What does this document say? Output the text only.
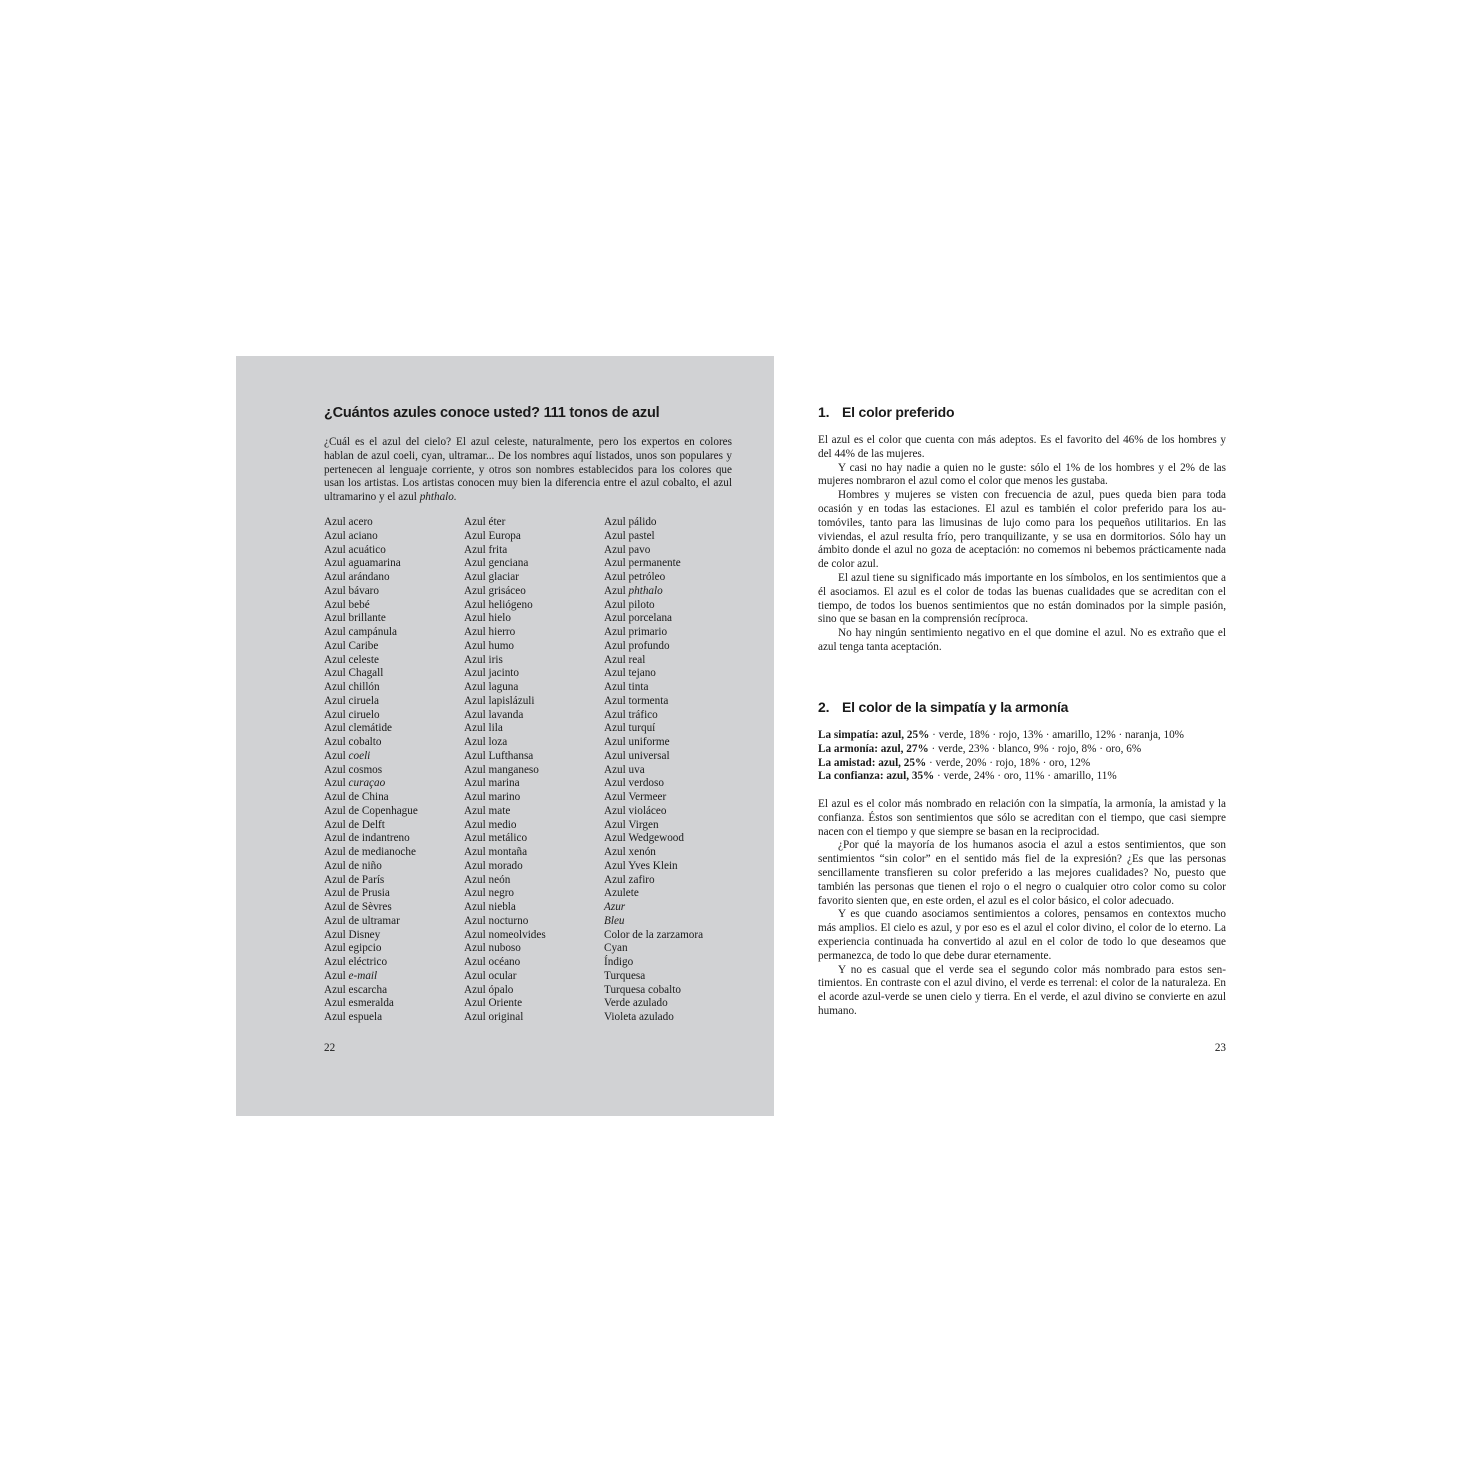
¿Cuántos azules conoce usted? 111 tonos de azul

¿Cuál es el azul del cielo? El azul celeste, naturalmente, pero los expertos en colores hablan de azul coeli, cyan, ultramar... De los nombres aquí listados, unos son populares y pertenecen al lenguaje corriente, y otros son nombres establecidos para los colores que usan los artistas. Los artistas conocen muy bien la diferencia entre el azul cobalto, el azul ultramarino y el azul phthalo.

Azul acero
Azul aciano
Azul acuático
Azul aguamarina
Azul arándano
Azul bávaro
Azul bebé
Azul brillante
Azul campánula
Azul Caribe
Azul celeste
Azul Chagall
Azul chillón
Azul ciruela
Azul ciruelo
Azul clemátide
Azul cobalto
Azul coeli
Azul cosmos
Azul curaçao
Azul de China
Azul de Copenhague
Azul de Delft
Azul de indantreno
Azul de medianoche
Azul de niño
Azul de París
Azul de Prusia
Azul de Sèvres
Azul de ultramar
Azul Disney
Azul egipcio
Azul eléctrico
Azul e-mail
Azul escarcha
Azul esmeralda
Azul espuela
Azul éter
Azul Europa
Azul frita
Azul genciana
Azul glaciar
Azul grisáceo
Azul heliógeno
Azul hielo
Azul hierro
Azul humo
Azul iris
Azul jacinto
Azul laguna
Azul lapislázuli
Azul lavanda
Azul lila
Azul loza
Azul Lufthansa
Azul manganeso
Azul marina
Azul marino
Azul mate
Azul medio
Azul metálico
Azul montaña
Azul morado
Azul neón
Azul negro
Azul niebla
Azul nocturno
Azul nomeolvides
Azul nuboso
Azul océano
Azul ocular
Azul ópalo
Azul Oriente
Azul original
Azul pálido
Azul pastel
Azul pavo
Azul permanente
Azul petróleo
Azul phthalo
Azul piloto
Azul porcelana
Azul primario
Azul profundo
Azul real
Azul tejano
Azul tinta
Azul tormenta
Azul tráfico
Azul turquí
Azul uniforme
Azul universal
Azul uva
Azul verdoso
Azul Vermeer
Azul violáceo
Azul Virgen
Azul Wedgewood
Azul xenón
Azul Yves Klein
Azul zafiro
Azulete
Azur
Bleu
Color de la zarzamora
Cyan
Índigo
Turquesa
Turquesa cobalto
Verde azulado
Violeta azulado

22

1. El color preferido

El azul es el color que cuenta con más adeptos. Es el favorito del 46% de los hombres y del 44% de las mujeres.

Y casi no hay nadie a quien no le guste: sólo el 1% de los hombres y el 2% de las mujeres nombraron el azul como el color que menos les gustaba.

Hombres y mujeres se visten con frecuencia de azul, pues queda bien para toda ocasión y en todas las estaciones. El azul es también el color preferido para los automóviles, tanto para las limusinas de lujo como para los pequeños utilitarios. En las viviendas, el azul resulta frío, pero tranquilizante, y se usa en dormitorios. Sólo hay un ámbito donde el azul no goza de aceptación: no comemos ni bebemos prácticamente nada de color azul.

El azul tiene su significado más importante en los símbolos, en los sentimientos que a él asociamos. El azul es el color de todas las buenas cualidades que se acreditan con el tiempo, de todos los buenos sentimientos que no están dominados por la simple pasión, sino que se basan en la comprensión recíproca.

No hay ningún sentimiento negativo en el que domine el azul. No es extraño que el azul tenga tanta aceptación.

2. El color de la simpatía y la armonía
La simpatía: azul, 25% · verde, 18% · rojo, 13% · amarillo, 12% · naranja, 10%
La armonía: azul, 27% · verde, 23% · blanco, 9% · rojo, 8% · oro, 6%
La amistad: azul, 25% · verde, 20% · rojo, 18% · oro, 12%
La confianza: azul, 35% · verde, 24% · oro, 11% · amarillo, 11%

El azul es el color más nombrado en relación con la simpatía, la armonía, la amistad y la confianza. Éstos son sentimientos que sólo se acreditan con el tiempo, que casi siempre nacen con el tiempo y que siempre se basan en la reciprocidad.

¿Por qué la mayoría de los humanos asocia el azul a estos sentimientos, que son sentimientos “sin color” en el sentido más fiel de la expresión? ¿Es que las personas sencillamente transfieren su color preferido a las mejores cualidades? No, puesto que también las personas que tienen el rojo o el negro o cualquier otro color como su color favorito sienten que, en este orden, el azul es el color básico, el color adecuado.

Y es que cuando asociamos sentimientos a colores, pensamos en contextos mucho más amplios. El cielo es azul, y por eso es el azul el color divino, el color de lo eterno. La experiencia continuada ha convertido al azul en el color de todo lo que deseamos que permanezca, de todo lo que debe durar eternamente.

Y no es casual que el verde sea el segundo color más nombrado para estos sentimientos. En contraste con el azul divino, el verde es terrenal: el color de la naturaleza. En el acorde azul-verde se unen cielo y tierra. En el verde, el azul divino se convierte en azul humano.

23
